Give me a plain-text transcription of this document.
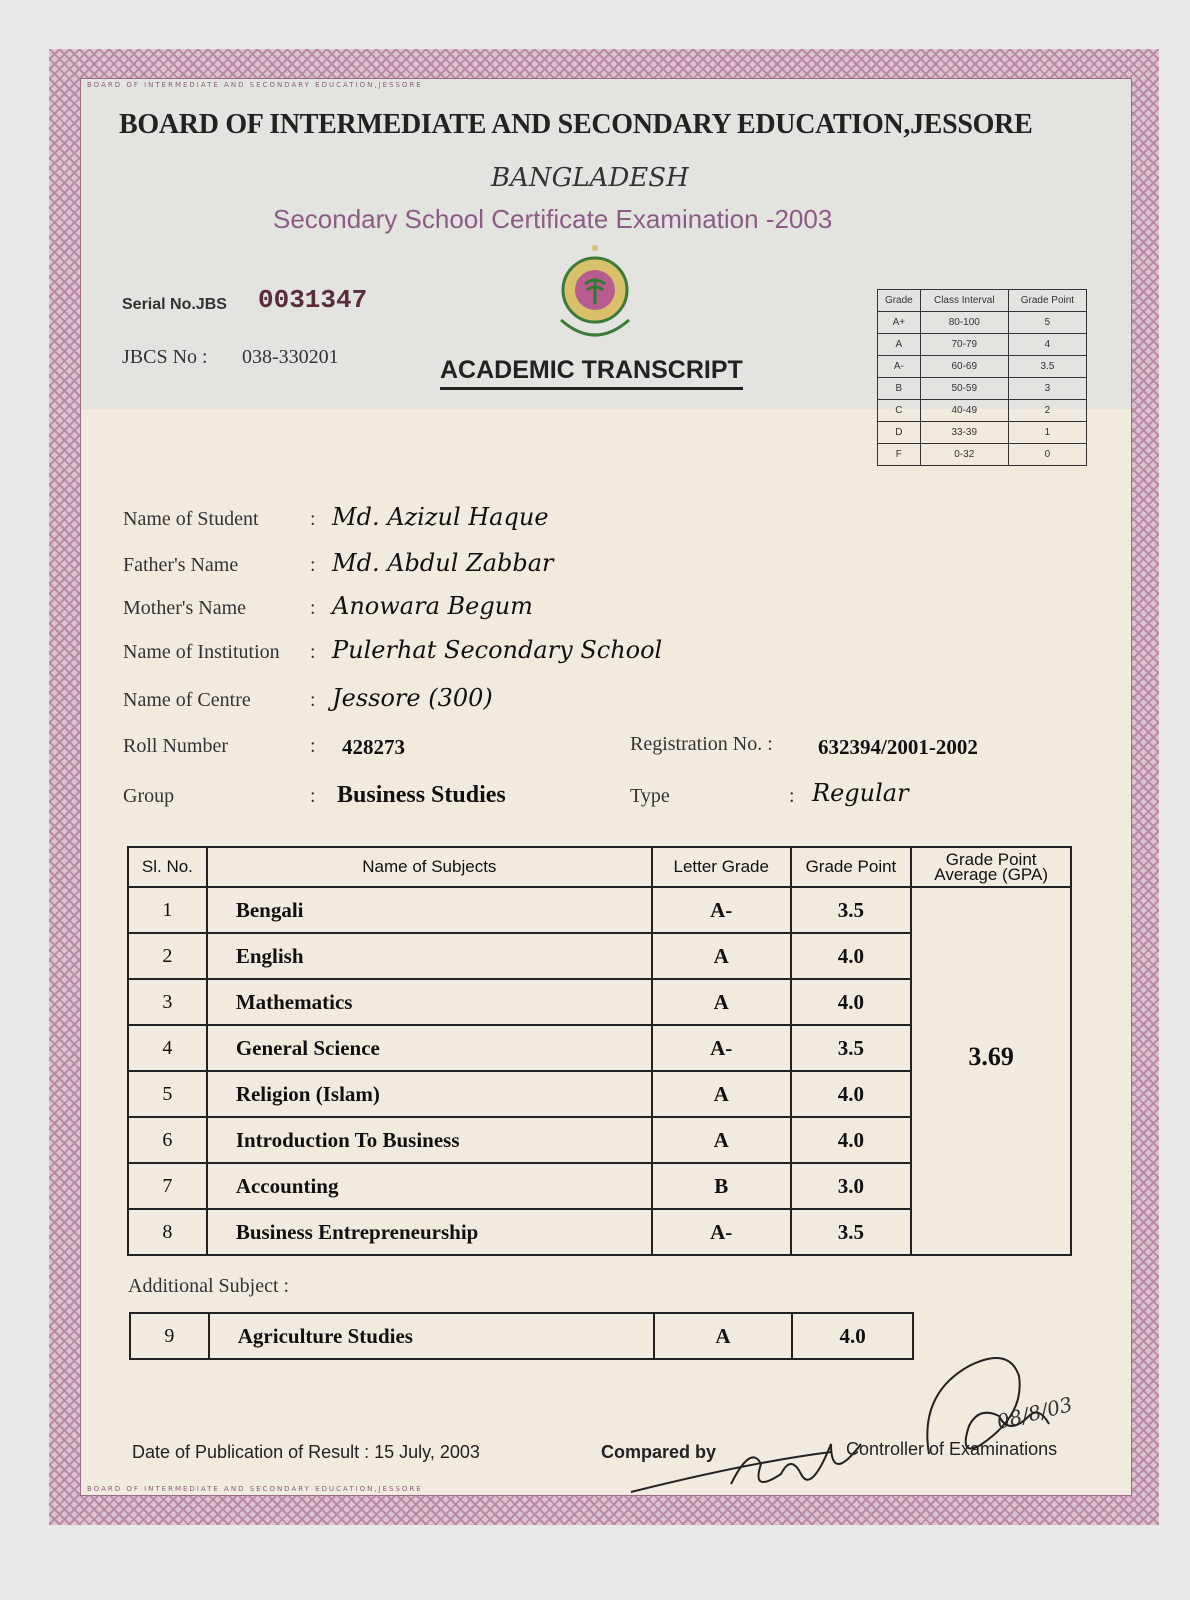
BOARD OF INTERMEDIATE AND SECONDARY EDUCATION,JESSORE
BOARD OF INTERMEDIATE AND SECONDARY EDUCATION,JESSORE
BOARD OF INTERMEDIATE AND SECONDARY EDUCATION,JESSORE
BANGLADESH
Secondary School Certificate Examination -2003
Serial No.JBS 0031347
JBCS No : 038-330201	ACADEMIC TRANSCRIPT
Grade	Class Interval	Grade Point
A+	80-100	5
A	70-79	4
A-	60-69	3.5
B	50-59	3
C	40-49	2
D	33-39	1
F	0-32	0
Name of Student	: Md. Azizul Haque
Father's Name	: Md. Abdul Zabbar
Mother's Name	: Anowara Begum
Name of Institution : Pulerhat Secondary School
Name of Centre	: Jessore (300)
Roll Number	: 428273	Registration No. : 632394/2001-2002
Group	: Business Studies	Type	: Regular
Sl. No.	Name of Subjects	Letter Grade	Grade Point	Grade Point Average (GPA)
1	Bengali	A-	3.5	3.69
2	English	A	4.0	
3	Mathematics	A	4.0	
4	General Science	A-	3.5	
5	Religion (Islam)	A	4.0	
6	Introduction To Business	A	4.0	
7	Accounting	B	3.0	
8	Business Entrepreneurship	A-	3.5	
Additional Subject :
9	Agriculture Studies	A	4.0
Date of Publication of Result : 15 July, 2003	Compared by	Controller of Examinations
08/8/03
